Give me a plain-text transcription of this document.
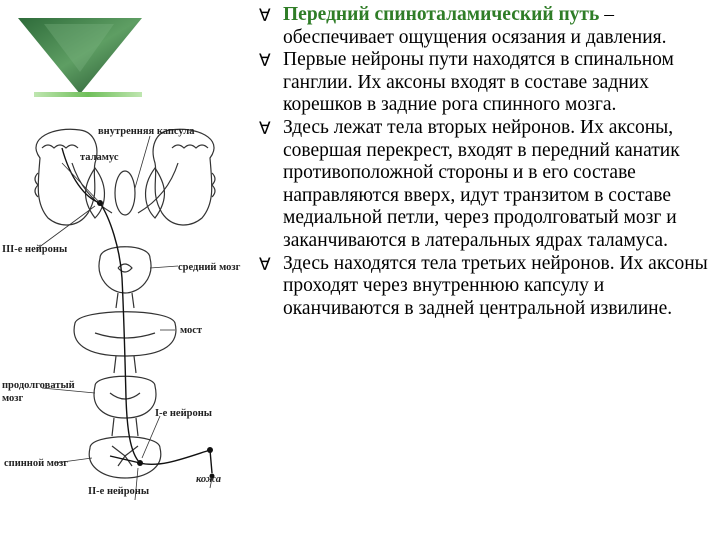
внутренняя капсула
таламус
III-е нейроны
средний мозг
мост
продолговатый
мозг
I-е нейроны
спинной мозг
кожа
II-е нейроны
∀ Передний спиноталамический путь – обеспечивает ощущения осязания и давления.
∀ Первые нейроны пути находятся в спинальном ганглии. Их аксоны входят в составе задних корешков в задние рога спинного мозга.
∀ Здесь лежат тела вторых нейронов. Их аксоны, совершая перекрест, входят в передний канатик противоположной стороны и в его составе направляются вверх, идут транзитом в составе медиальной петли, через продолговатый мозг и заканчиваются в латеральных ядрах таламуса.
∀ Здесь находятся тела третьих нейронов. Их аксоны проходят через внутреннюю капсулу и оканчиваются в задней центральной извилине.
